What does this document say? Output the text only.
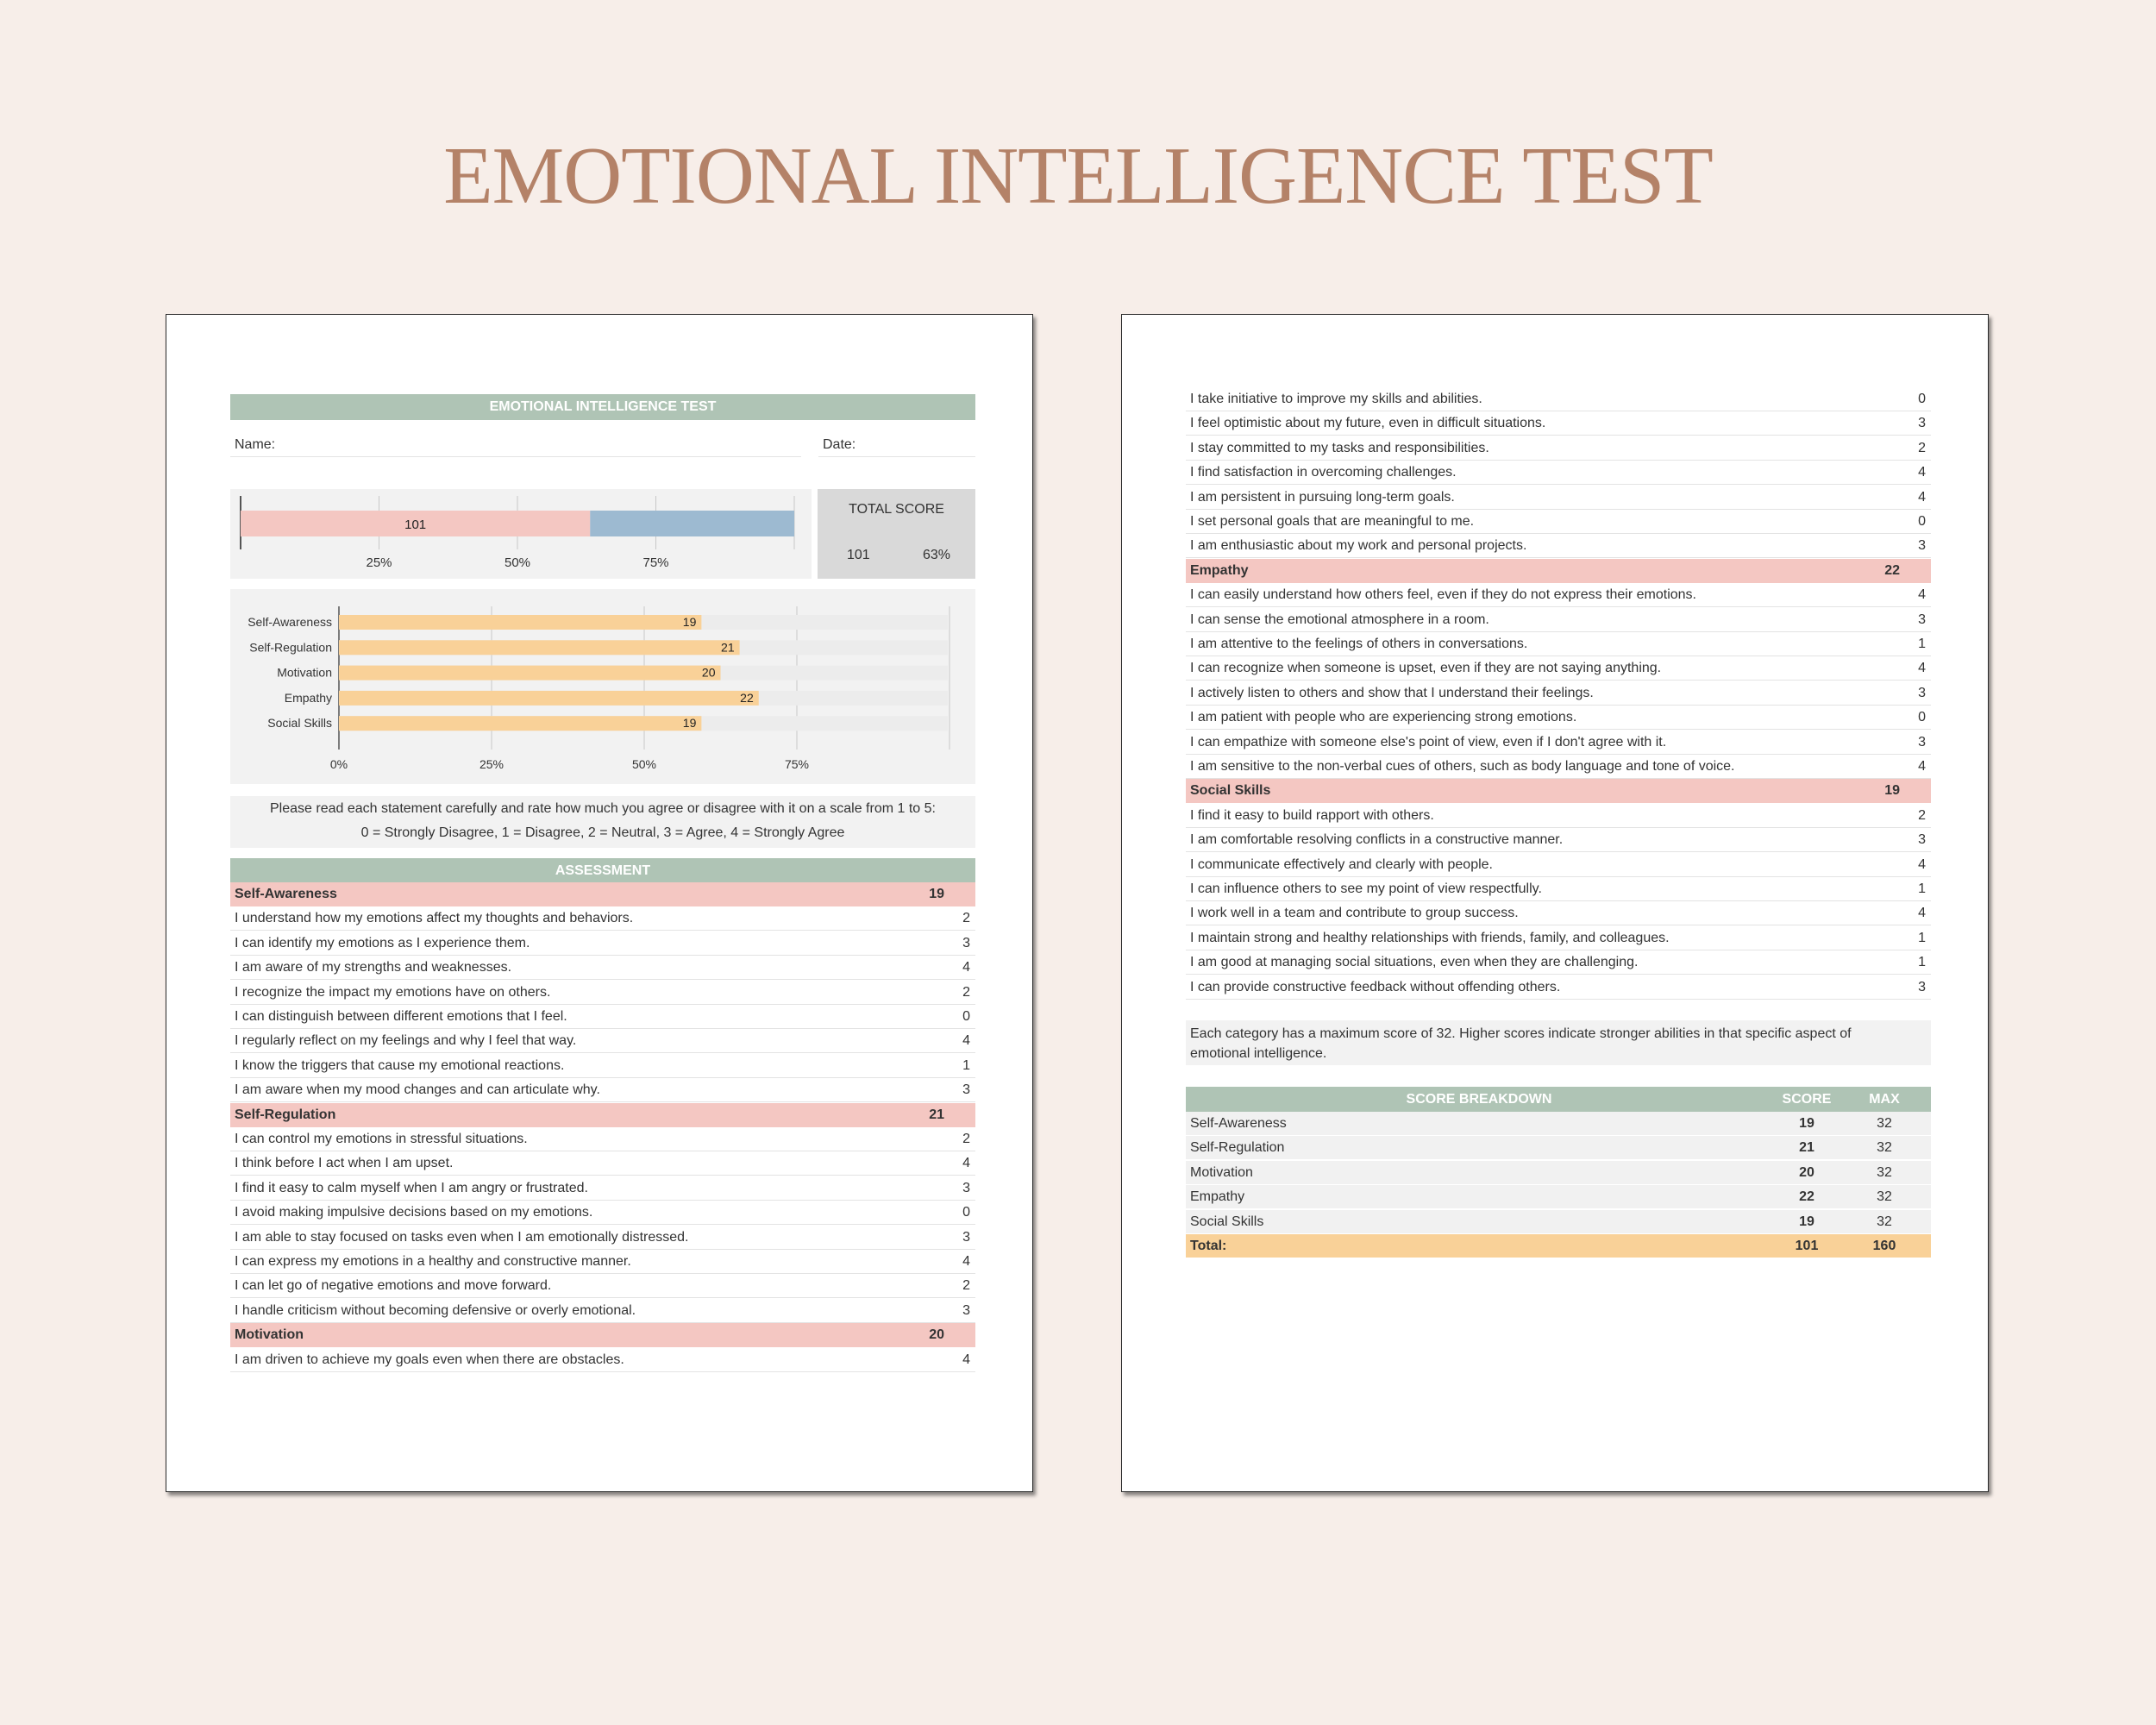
EMOTIONAL INTELLIGENCE TEST
EMOTIONAL INTELLIGENCE TEST
Name:	Date:
101
25%	50%	75%
TOTAL SCORE
101	63%
Self-Awareness	19
Self-Regulation	21
Motivation	20
Empathy	22
Social Skills	19
0%	25%	50%	75%
Please read each statement carefully and rate how much you agree or disagree with it on a scale from 1 to 5:
0 = Strongly Disagree, 1 = Disagree, 2 = Neutral, 3 = Agree, 4 = Strongly Agree
ASSESSMENT
Self-Awareness	19
I understand how my emotions affect my thoughts and behaviors.	2
I can identify my emotions as I experience them.	3
I am aware of my strengths and weaknesses.	4
I recognize the impact my emotions have on others.	2
I can distinguish between different emotions that I feel.	0
I regularly reflect on my feelings and why I feel that way.	4
I know the triggers that cause my emotional reactions.	1
I am aware when my mood changes and can articulate why.	3
Self-Regulation	21
I can control my emotions in stressful situations.	2
I think before I act when I am upset.	4
I find it easy to calm myself when I am angry or frustrated.	3
I avoid making impulsive decisions based on my emotions.	0
I am able to stay focused on tasks even when I am emotionally distressed.	3
I can express my emotions in a healthy and constructive manner.	4
I can let go of negative emotions and move forward.	2
I handle criticism without becoming defensive or overly emotional.	3
Motivation	20
I am driven to achieve my goals even when there are obstacles.	4
I take initiative to improve my skills and abilities.	0
I feel optimistic about my future, even in difficult situations.	3
I stay committed to my tasks and responsibilities.	2
I find satisfaction in overcoming challenges.	4
I am persistent in pursuing long-term goals.	4
I set personal goals that are meaningful to me.	0
I am enthusiastic about my work and personal projects.	3
Empathy	22
I can easily understand how others feel, even if they do not express their emotions.	4
I can sense the emotional atmosphere in a room.	3
I am attentive to the feelings of others in conversations.	1
I can recognize when someone is upset, even if they are not saying anything.	4
I actively listen to others and show that I understand their feelings.	3
I am patient with people who are experiencing strong emotions.	0
I can empathize with someone else's point of view, even if I don't agree with it.	3
I am sensitive to the non-verbal cues of others, such as body language and tone of voice.	4
Social Skills	19
I find it easy to build rapport with others.	2
I am comfortable resolving conflicts in a constructive manner.	3
I communicate effectively and clearly with people.	4
I can influence others to see my point of view respectfully.	1
I work well in a team and contribute to group success.	4
I maintain strong and healthy relationships with friends, family, and colleagues.	1
I am good at managing social situations, even when they are challenging.	1
I can provide constructive feedback without offending others.	3
Each category has a maximum score of 32. Higher scores indicate stronger abilities in that specific aspect of emotional intelligence.
SCORE BREAKDOWN	SCORE	MAX
Self-Awareness	19	32
Self-Regulation	21	32
Motivation	20	32
Empathy	22	32
Social Skills	19	32
Total:	101	160
